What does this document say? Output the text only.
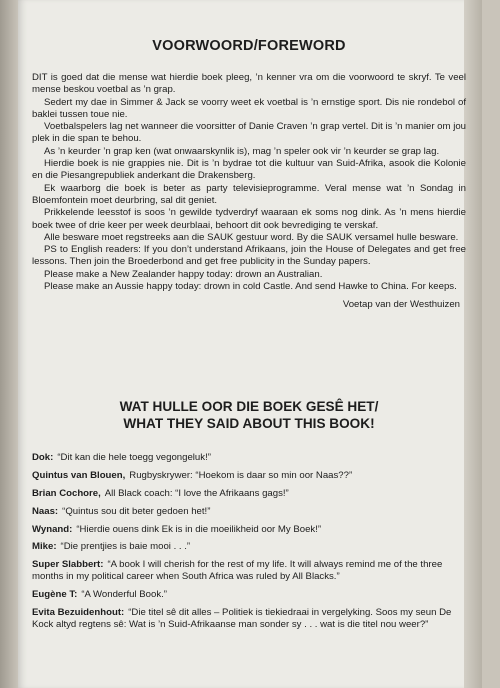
VOORWOORD/FOREWORD

DIT is goed dat die mense wat hierdie boek pleeg, ’n kenner vra om die voorwoord te skryf. Te veel mense beskou voetbal as ’n grap.

Sedert my dae in Simmer & Jack se voorry weet ek voetbal is ’n ernstige sport. Dis nie rondebol of baklei tussen toue nie.

Voetbalspelers lag net wanneer die voorsitter of Danie Craven ’n grap vertel. Dit is ’n manier om jou plek in die span te behou.

As ’n keurder ’n grap ken (wat onwaarskynlik is), mag ’n speler ook vir ’n keurder se grap lag.

Hierdie boek is nie grappies nie. Dit is ’n bydrae tot die kultuur van Suid-Afrika, asook die Kolonie en die Piesangrepubliek anderkant die Drakensberg.

Ek waarborg die boek is beter as party televisieprogramme. Veral mense wat ’n Sondag in Bloemfontein moet deurbring, sal dit geniet.

Prikkelende leesstof is soos ’n gewilde tydverdryf waaraan ek soms nog dink. As ’n mens hierdie boek twee of drie keer per week deurblaai, behoort dit ook bevrediging te verskaf.

Alle besware moet regstreeks aan die SAUK gestuur word. By die SAUK versamel hulle besware.

PS to English readers: If you don’t understand Afrikaans, join the House of Delegates and get free lessons. Then join the Broederbond and get free publicity in the Sunday papers.

Please make a New Zealander happy today: drown an Australian.

Please make an Aussie happy today: drown in cold Castle. And send Hawke to China. For keeps.

Voetap van der Westhuizen
WAT HULLE OOR DIE BOEK GESÊ HET/
WHAT THEY SAID ABOUT THIS BOOK!
Dok: “Dit kan die hele toegg vegongeluk!”
Quintus van Blouen, Rugbyskrywer: “Hoekom is daar so min oor Naas??”
Brian Cochore, All Black coach: “I love the Afrikaans gags!”
Naas: “Quintus sou dit beter gedoen het!”
Wynand: “Hierdie ouens dink Ek is in die moeilikheid oor My Boek!”
Mike: “Die prentjies is baie mooi . . .”
Super Slabbert: “A book I will cherish for the rest of my life. It will always remind me of the three months in my political career when South Africa was ruled by All Blacks.”
Eugène T: “A Wonderful Book.”
Evita Bezuidenhout: “Die titel sê dit alles – Politiek is tiekiedraai in vergelyking. Soos my seun De Kock altyd regtens sê: Wat is ’n Suid-Afrikaanse man sonder sy . . . wat is die titel nou weer?”
